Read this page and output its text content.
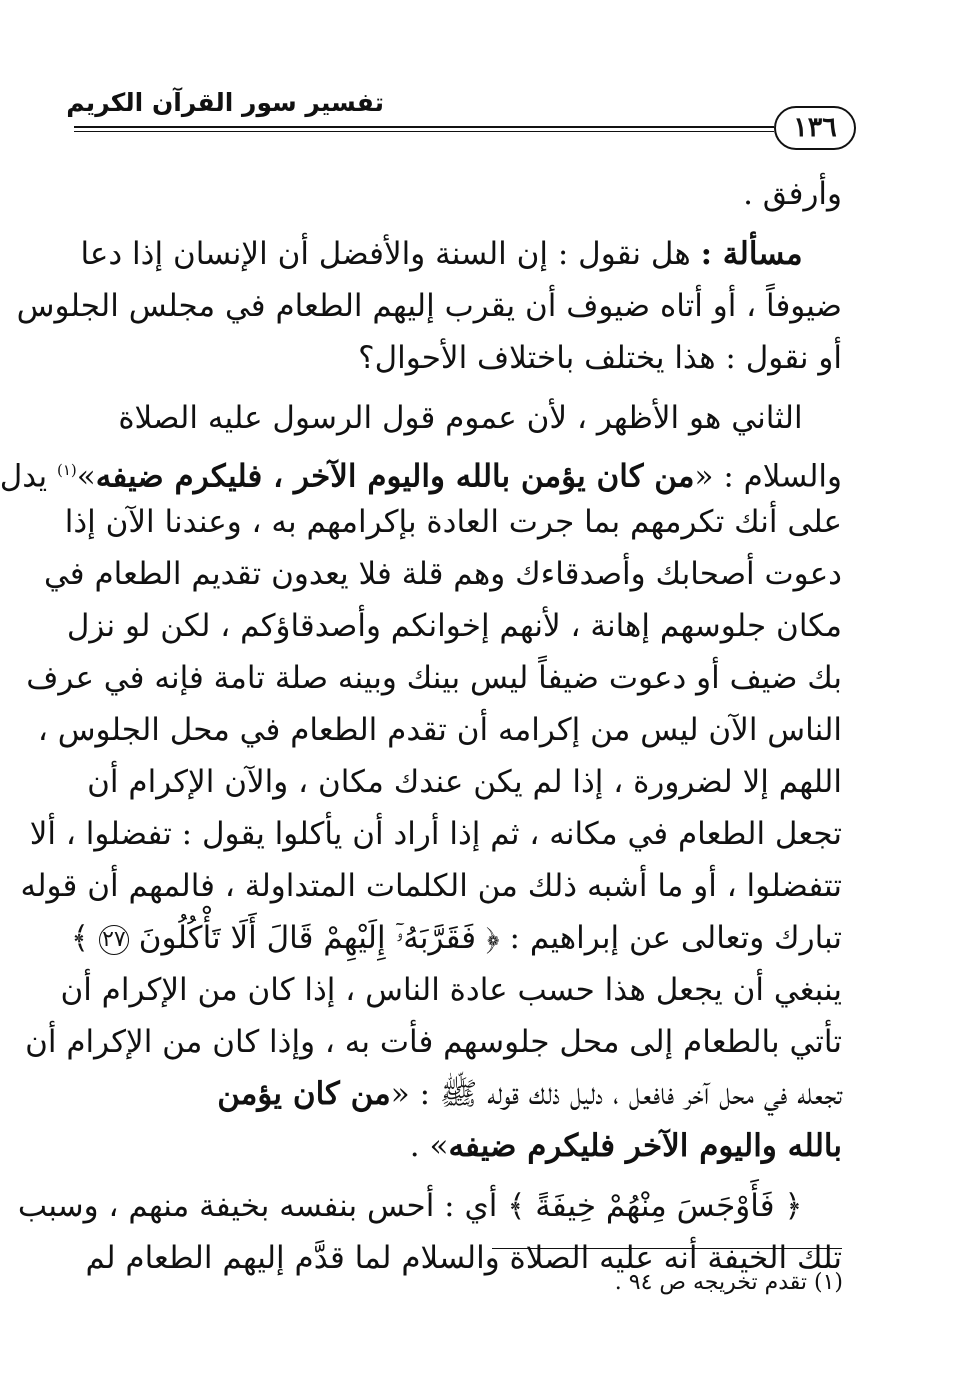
تفسير سور القرآن الكريم
١٣٦
وأرفق .
مسألة : هل نقول : إن السنة والأفضل أن الإنسان إذا دعا
ضيوفاً ، أو أتاه ضيوف أن يقرب إليهم الطعام في مجلس الجلوس
أو نقول : هذا يختلف باختلاف الأحوال؟
الثاني هو الأظهر ، لأن عموم قول الرسول عليه الصلاة
والسلام : «من كان يؤمن بالله واليوم الآخر ، فليكرم ضيفه»$^{(١)}$ يدل
على أنك تكرمهم بما جرت العادة بإكرامهم به ، وعندنا الآن إذا
دعوت أصحابك وأصدقاءك وهم قلة فلا يعدون تقديم الطعام في
مكان جلوسهم إهانة ، لأنهم إخوانكم وأصدقاؤكم ، لكن لو نزل
بك ضيف أو دعوت ضيفاً ليس بينك وبينه صلة تامة فإنه في عرف
الناس الآن ليس من إكرامه أن تقدم الطعام في محل الجلوس ،
اللهم إلا لضرورة ، إذا لم يكن عندك مكان ، والآن الإكرام أن
تجعل الطعام في مكانه ، ثم إذا أراد أن يأكلوا يقول : تفضلوا ، ألا
تتفضلوا ، أو ما أشبه ذلك من الكلمات المتداولة ، فالمهم أن قوله
تبارك وتعالى عن إبراهيم : ﴿ فَقَرَّبَهُۥٓ إِلَيْهِمْ قَالَ أَلَا تَأْكُلُونَ ٢٧ ﴾
ينبغي أن يجعل هذا حسب عادة الناس ، إذا كان من الإكرام أن
تأتي بالطعام إلى محل جلوسهم فأت به ، وإذا كان من الإكرام أن
تجعله في محل آخر فافعل ، دليل ذلك قوله ﷺ : «من كان يؤمن
بالله واليوم الآخر فليكرم ضيفه» .
﴿ فَأَوْجَسَ مِنْهُمْ خِيفَةً ﴾ أي : أحس بنفسه بخيفة منهم ، وسبب
تلك الخيفة أنه عليه الصلاة والسلام لما قدَّم إليهم الطعام لم
(١) تقدم تخريجه ص ٩٤ .
